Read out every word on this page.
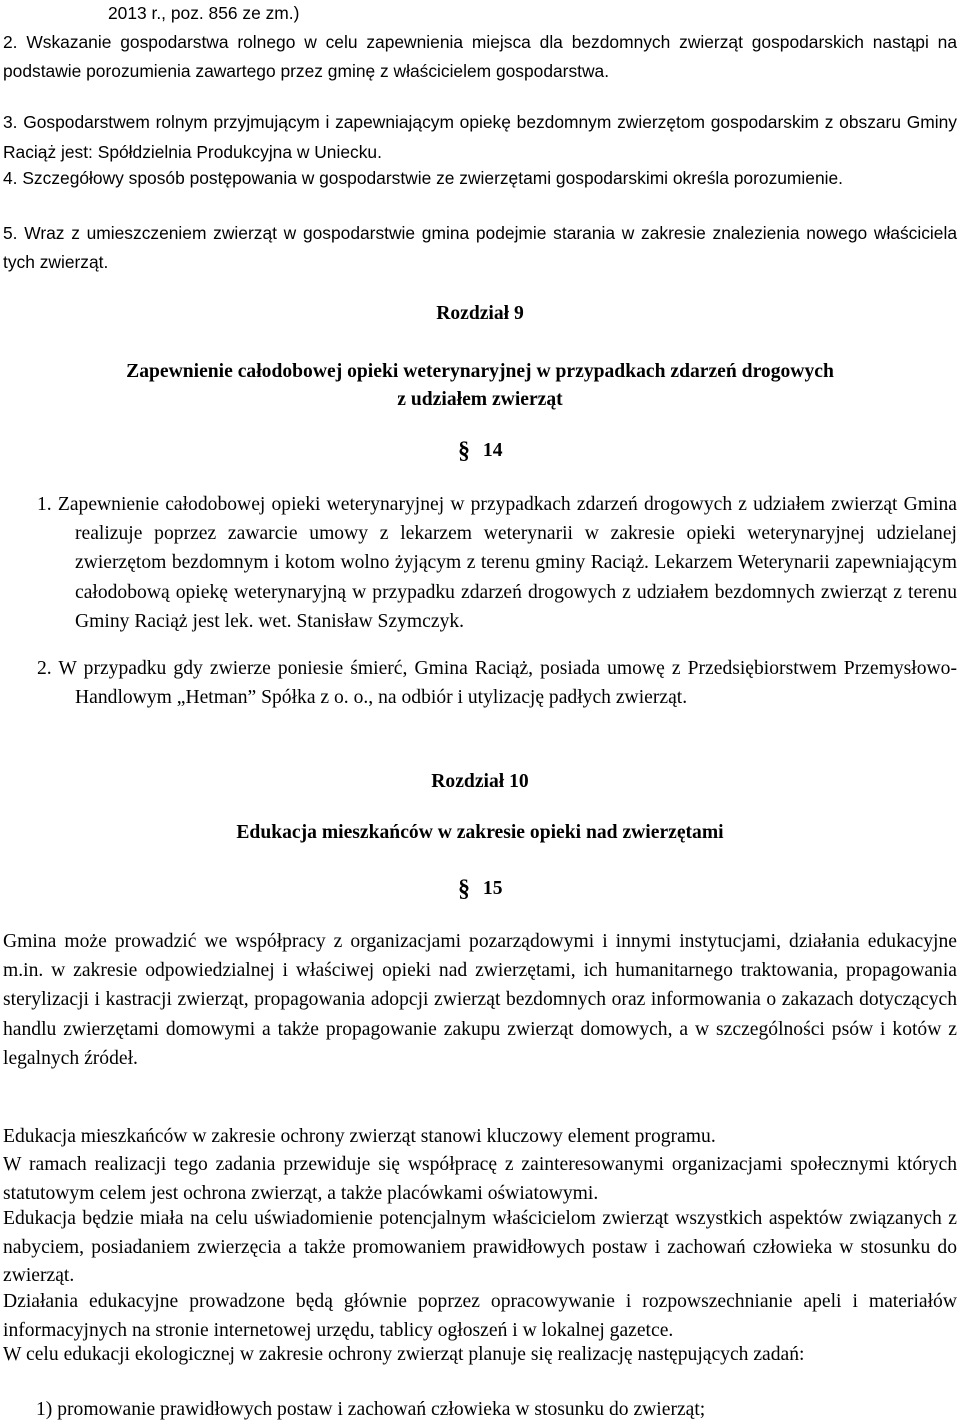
2013 r., poz. 856 ze zm.)

2. Wskazanie gospodarstwa rolnego w celu zapewnienia miejsca dla bezdomnych zwierząt gospodarskich nastąpi na podstawie porozumienia zawartego przez gminę z właścicielem gospodarstwa.

3. Gospodarstwem rolnym przyjmującym i zapewniającym opiekę bezdomnym zwierzętom gospodarskim z obszaru Gminy Raciąż jest: Spółdzielnia Produkcyjna w Uniecku.

4. Szczegółowy sposób postępowania w gospodarstwie ze zwierzętami gospodarskimi określa porozumienie.

5. Wraz z umieszczeniem zwierząt w gospodarstwie gmina podejmie starania w zakresie znalezienia nowego właściciela tych zwierząt.

Rozdział 9
Zapewnienie całodobowej opieki weterynaryjnej w przypadkach zdarzeń drogowych
z udziałem zwierząt
§ 14

1. Zapewnienie całodobowej opieki weterynaryjnej w przypadkach zdarzeń drogowych z udziałem zwierząt Gmina realizuje poprzez zawarcie umowy z lekarzem weterynarii w zakresie opieki weterynaryjnej udzielanej zwierzętom bezdomnym i kotom wolno żyjącym z terenu gminy Raciąż. Lekarzem Weterynarii zapewniającym całodobową opiekę weterynaryjną w przypadku zdarzeń drogowych z udziałem bezdomnych zwierząt z terenu Gminy Raciąż jest lek. wet. Stanisław Szymczyk.

2. W przypadku gdy zwierze poniesie śmierć, Gmina Raciąż, posiada umowę z Przedsiębiorstwem Przemysłowo-Handlowym „Hetman” Spółka z o. o., na odbiór i utylizację padłych zwierząt.

Rozdział 10
Edukacja mieszkańców w zakresie opieki nad zwierzętami
§ 15

Gmina może prowadzić we współpracy z organizacjami pozarządowymi i innymi instytucjami, działania edukacyjne m.in. w zakresie odpowiedzialnej i właściwej opieki nad zwierzętami, ich humanitarnego traktowania, propagowania sterylizacji i kastracji zwierząt, propagowania adopcji zwierząt bezdomnych oraz informowania o zakazach dotyczących handlu zwierzętami domowymi a także propagowanie zakupu zwierząt domowych, a w szczególności psów i kotów z legalnych źródeł.

Edukacja mieszkańców w zakresie ochrony zwierząt stanowi kluczowy element programu.

W ramach realizacji tego zadania przewiduje się współpracę z zainteresowanymi organizacjami społecznymi których statutowym celem jest ochrona zwierząt, a także placówkami oświatowymi.

Edukacja będzie miała na celu uświadomienie potencjalnym właścicielom zwierząt wszystkich aspektów związanych z nabyciem, posiadaniem zwierzęcia a także promowaniem prawidłowych postaw i zachowań człowieka w stosunku do zwierząt.

Działania edukacyjne prowadzone będą głównie poprzez opracowywanie i rozpowszechnianie apeli i materiałów informacyjnych na stronie internetowej urzędu, tablicy ogłoszeń i w lokalnej gazetce.

W celu edukacji ekologicznej w zakresie ochrony zwierząt planuje się realizację następujących zadań:

1) promowanie prawidłowych postaw i zachowań człowieka w stosunku do zwierząt;
